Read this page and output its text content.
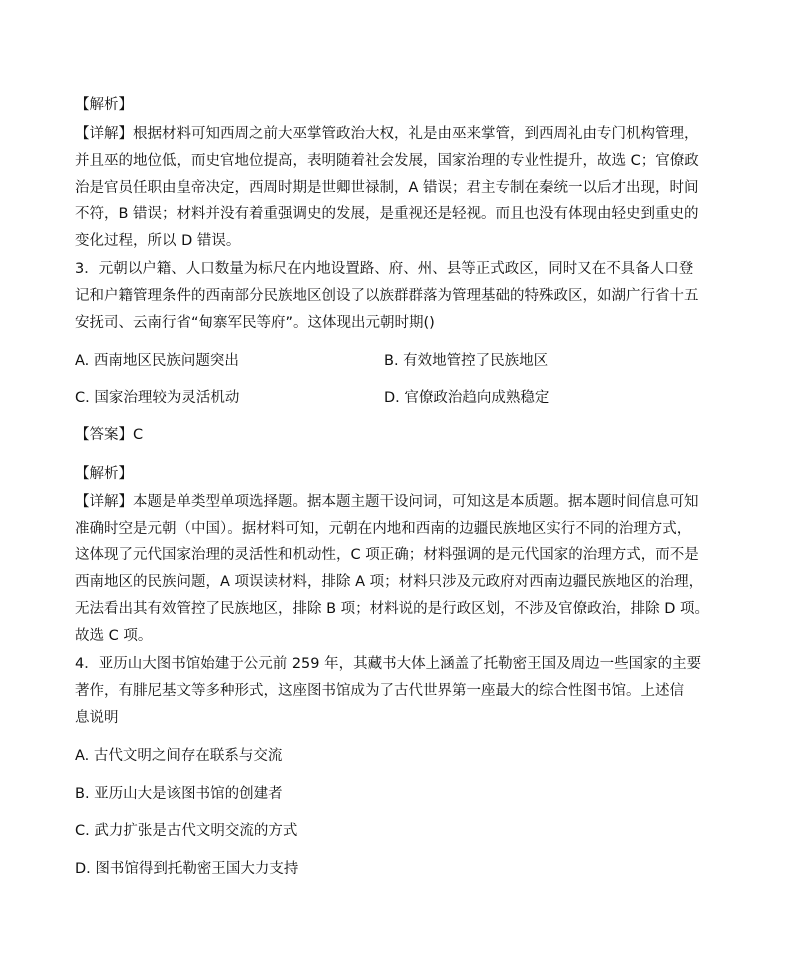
【解析】
【详解】根据材料可知西周之前大巫掌管政治大权，礼是由巫来掌管，到西周礼由专门机构管理，
并且巫的地位低，而史官地位提高，表明随着社会发展，国家治理的专业性提升，故选 C；官僚政
治是官员任职由皇帝决定，西周时期是世卿世禄制，A 错误；君主专制在秦统一以后才出现，时间
不符，B 错误；材料并没有着重强调史的发展，是重视还是轻视。而且也没有体现由轻史到重史的
变化过程，所以 D 错误。
3．元朝以户籍、人口数量为标尺在内地设置路、府、州、县等正式政区，同时又在不具备人口登
记和户籍管理条件的西南部分民族地区创设了以族群群落为管理基础的特殊政区，如湖广行省十五
安抚司、云南行省“甸寨军民等府”。这体现出元朝时期()
A. 西南地区民族问题突出	B. 有效地管控了民族地区
C. 国家治理较为灵活机动	D. 官僚政治趋向成熟稳定
【答案】C
【解析】
【详解】本题是单类型单项选择题。据本题主题干设问词，可知这是本质题。据本题时间信息可知
准确时空是元朝（中国）。据材料可知，元朝在内地和西南的边疆民族地区实行不同的治理方式，
这体现了元代国家治理的灵活性和机动性，C 项正确；材料强调的是元代国家的治理方式，而不是
西南地区的民族问题，A 项误读材料，排除 A 项；材料只涉及元政府对西南边疆民族地区的治理，
无法看出其有效管控了民族地区，排除 B 项；材料说的是行政区划，不涉及官僚政治，排除 D 项。
故选 C 项。
4．亚历山大图书馆始建于公元前 259 年，其藏书大体上涵盖了托勒密王国及周边一些国家的主要
著作，有腓尼基文等多种形式，这座图书馆成为了古代世界第一座最大的综合性图书馆。上述信
息说明
A. 古代文明之间存在联系与交流
B. 亚历山大是该图书馆的创建者
C. 武力扩张是古代文明交流的方式
D. 图书馆得到托勒密王国大力支持
